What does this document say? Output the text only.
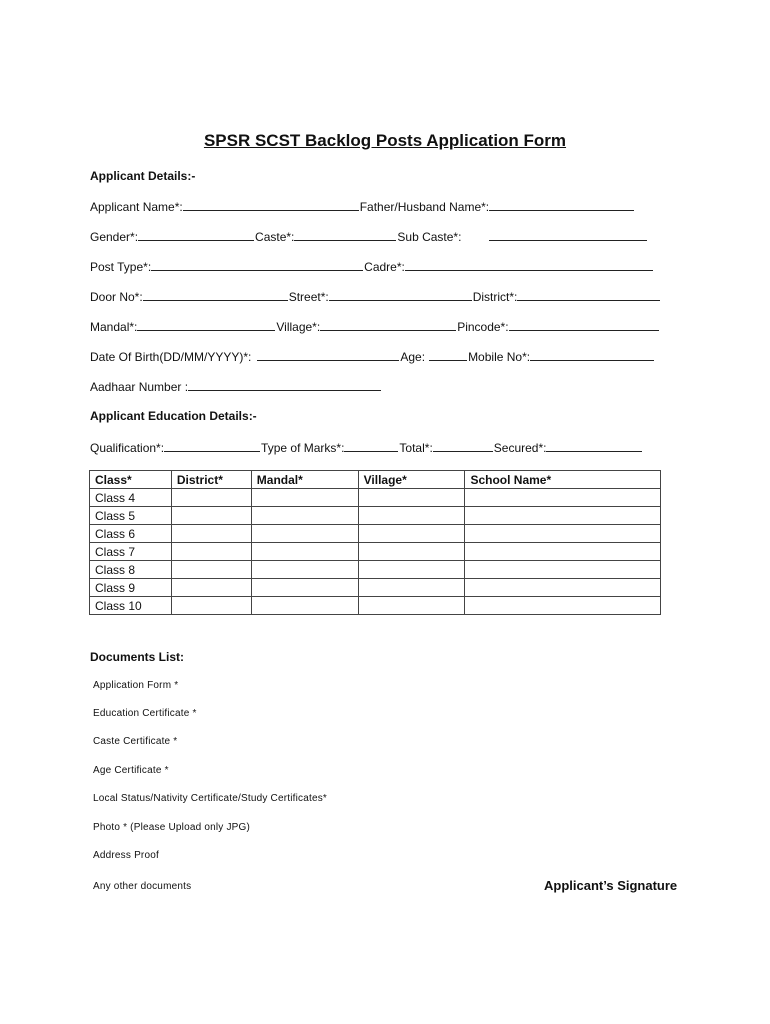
SPSR SCST Backlog Posts Application Form
Applicant Details:-
Applicant Name*:	Father/Husband Name*:
Gender*:	Caste*:	Sub Caste*:
Post Type*:	Cadre*:
Door No*:	Street*:	District*:
Mandal*:	Village*:	Pincode*:
Date Of Birth(DD/MM/YYYY)*:	Age:	Mobile No*:
Aadhaar Number :
Applicant Education Details:-
Qualification*:	Type of Marks*:	Total*:	Secured*:
Class*	District*	Mandal*	Village*	School Name*
Class 4				
Class 5				
Class 6				
Class 7				
Class 8				
Class 9				
Class 10				
Documents List:
Application Form *
Education Certificate *
Caste Certificate *
Age Certificate *
Local Status/Nativity Certificate/Study Certificates*
Photo * (Please Upload only JPG)
Address Proof
Any other documents	Applicant’s Signature
